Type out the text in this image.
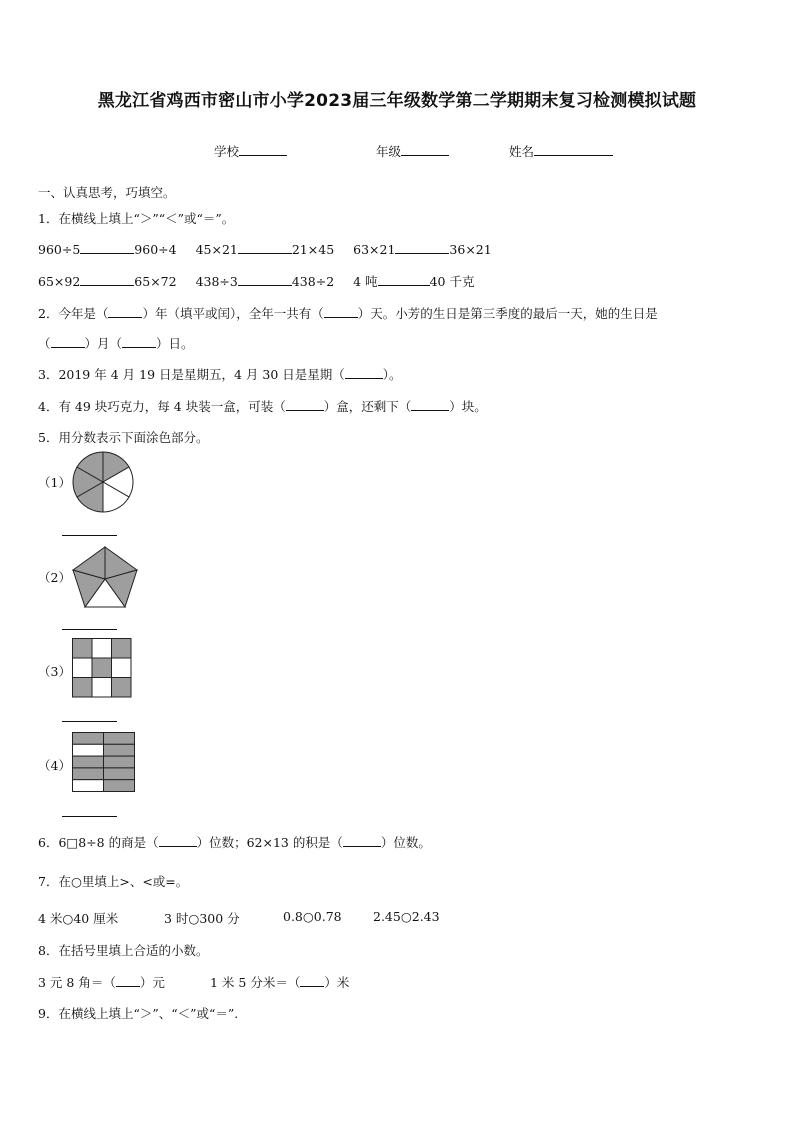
黑龙江省鸡西市密山市小学2023届三年级数学第二学期期末复习检测模拟试题
学校	年级	姓名
一、认真思考，巧填空。
1．在横线上填上“＞”“＜”或“＝”。
960÷5	960÷4 45×21	21×45 63×21	36×21
65×92	65×72 438÷3	438÷2 4 吨	40 千克
2．今年是（	）年（填平或闰），全年一共有（	）天。小芳的生日是第三季度的最后一天，她的生日是
（	）月（	）日。
3．2019 年 4 月 19 日是星期五，4 月 30 日是星期（	）。
4．有 49 块巧克力，每 4 块装一盒，可装（	）盒，还剩下（	）块。
5．用分数表示下面涂色部分。
（1）
（2）
（3）
（4）
6．6□8÷8 的商是（	）位数；62×13 的积是（	）位数。
7．在○里填上>、<或=。
4 米○40 厘米	3 时○300 分	0.8○0.78	2.45○2.43
8．在括号里填上合适的小数。
3 元 8 角＝（ ）元	1 米 5 分米＝（ ）米
9．在横线上填上“＞”、“＜”或“＝”.
